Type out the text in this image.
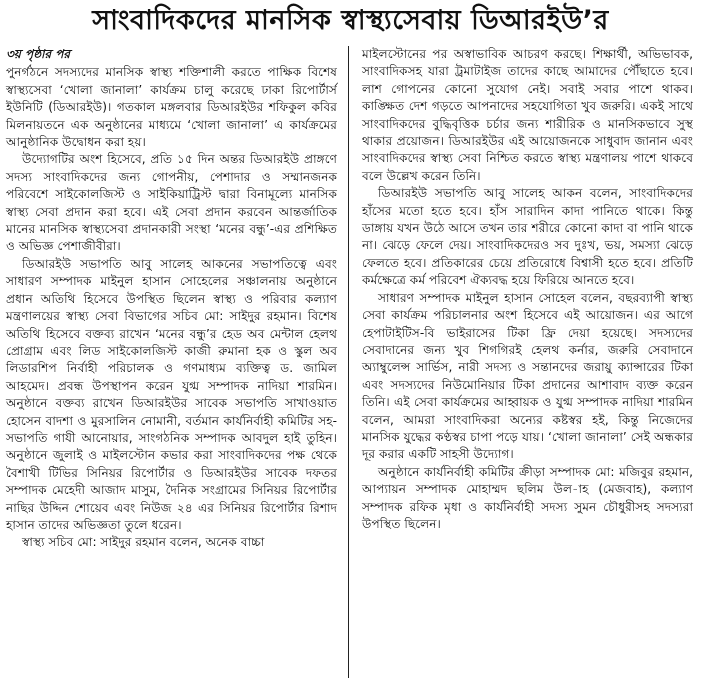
সাংবাদিকদের মানসিক স্বাস্থ্যসেবায় ডিআরইউ’র
৩য় পৃষ্ঠার পর

পুনর্গঠনে সদস্যদের মানসিক স্বাস্থ্য শক্তিশালী করতে পাক্ষিক বিশেষ স্বাস্থ্যসেবা ‘খোলা জানালা’ কার্যক্রম চালু করেছে ঢাকা রিপোর্টার্স ইউনিটি (ডিআরইউ)। গতকাল মঙ্গলবার ডিআরইউর শফিকুল কবির মিলনায়তনে এক অনুষ্ঠানের মাধ্যমে ‘খোলা জানালা’ এ কার্যক্রমের আনুষ্ঠানিক উদ্বোধন করা হয়।

উদ্যোগটির অংশ হিসেবে, প্রতি ১৫ দিন অন্তর ডিআরইউ প্রাঙ্গণে সদস্য সাংবাদিকদের জন্য গোপনীয়, পেশাদার ও সম্মানজনক পরিবেশে সাইকোলজিস্ট ও সাইকিয়াট্রিস্ট দ্বারা বিনামূল্যে মানসিক স্বাস্থ্য সেবা প্রদান করা হবে। এই সেবা প্রদান করবেন আন্তর্জাতিক মানের মানসিক স্বাস্থ্যসেবা প্রদানকারী সংস্থা ‘মনের বন্ধু’-এর প্রশিক্ষিত ও অভিজ্ঞ পেশাজীবীরা।

ডিআরইউ সভাপতি আবু সালেহ আকনের সভাপতিত্বে এবং সাধারণ সম্পাদক মাইনুল হাসান সোহেলের সঞ্চালনায় অনুষ্ঠানে প্রধান অতিথি হিসেবে উপস্থিত ছিলেন স্বাস্থ্য ও পরিবার কল্যাণ মন্ত্রণালয়ের স্বাস্থ্য সেবা বিভাগের সচিব মো: সাইদুর রহমান। বিশেষ অতিথি হিসেবে বক্তব্য রাখেন ‘মনের বন্ধু’র হেড অব মেন্টাল হেলথ প্রোগ্রাম এবং লিড সাইকোলজিস্ট কাজী রুমানা হক ও স্কুল অব লিডারশিপ নির্বাহী পরিচালক ও গণমাধ্যম ব্যক্তিত্ব ড. জামিল আহমেদ। প্রবন্ধ উপস্থাপন করেন যুগ্ম সম্পাদক নাদিয়া শারমিন। অনুষ্ঠানে বক্তব্য রাখেন ডিআরইউর সাবেক সভাপতি সাখাওয়াত হোসেন বাদশা ও মুরসালিন নোমানী, বর্তমান কার্যনির্বাহী কমিটির সহ-সভাপতি গাযী আনোয়ার, সাংগঠনিক সম্পাদক আবদুল হাই তুহিন। অনুষ্ঠানে জুলাই ও মাইলস্টোন কভার করা সাংবাদিকদের পক্ষ থেকে বৈশাখী টিভির সিনিয়র রিপোর্টার ও ডিআরইউর সাবেক দফতর সম্পাদক মেহেদী আজাদ মাসুম, দৈনিক সংগ্রামের সিনিয়র রিপোর্টার নাছির উদ্দিন শোয়েব এবং নিউজ ২৪ এর সিনিয়র রিপোর্টার রিশাদ হাসান তাদের অভিজ্ঞতা তুলে ধরেন।

স্বাস্থ্য সচিব মো: সাইদুর রহমান বলেন, অনেক বাচ্চা

মাইলস্টোনের পর অস্বাভাবিক আচরণ করছে। শিক্ষার্থী, অভিভাবক, সাংবাদিকসহ যারা ট্রমাটাইজ তাদের কাছে আমাদের পৌঁছাতে হবে। লাশ গোপনের কোনো সুযোগ নেই। সবাই সবার পাশে থাকব। কাঙ্ক্ষিত দেশ গড়তে আপনাদের সহযোগিতা খুব জরুরি। একই সাথে সাংবাদিকদের বুদ্ধিবৃত্তিক চর্চার জন্য শারীরিক ও মানসিকভাবে সুস্থ থাকার প্রয়োজন। ডিআরইউর এই আয়োজনকে সাধুবাদ জানান এবং সাংবাদিকদের স্বাস্থ্য সেবা নিশ্চিত করতে স্বাস্থ্য মন্ত্রণালয় পাশে থাকবে বলে উল্লেখ করেন তিনি।

ডিআরইউ সভাপতি আবু সালেহ আকন বলেন, সাংবাদিকদের হাঁসের মতো হতে হবে। হাঁস সারাদিন কাদা পানিতে থাকে। কিন্তু ডাঙ্গায় যখন উঠে আসে তখন তার শরীরে কোনো কাদা বা পানি থাকে না। ঝেড়ে ফেলে দেয়। সাংবাদিকদেরও সব দুঃখ, ভয়, সমস্যা ঝেড়ে ফেলতে হবে। প্রতিকারের চেয়ে প্রতিরোধে বিশ্বাসী হতে হবে। প্রতিটি কর্মক্ষেত্রে কর্ম পরিবেশ ঐক্যবদ্ধ হয়ে ফিরিয়ে আনতে হবে।

সাধারণ সম্পাদক মাইনুল হাসান সোহেল বলেন, বছরব্যাপী স্বাস্থ্য সেবা কার্যক্রম পরিচালনার অংশ হিসেবে এই আয়োজন। এর আগে হেপাটাইটিস-বি ভাইরাসের টিকা ফ্রি দেয়া হয়েছে। সদস্যদের সেবাদানের জন্য খুব শিগগিরই হেলথ কর্নার, জরুরি সেবাদানে অ্যাম্বুলেন্স সার্ভিস, নারী সদস্য ও সন্তানদের জরায়ু ক্যান্সারের টিকা এবং সদস্যদের নিউমোনিয়ার টিকা প্রদানের আশাবাদ ব্যক্ত করেন তিনি। এই সেবা কার্যক্রমের আহ্বায়ক ও যুগ্ম সম্পাদক নাদিয়া শারমিন বলেন, আমরা সাংবাদিকরা অন্যের কষ্টস্বর হই, কিন্তু নিজেদের মানসিক যুদ্ধের কণ্ঠস্বর চাপা পড়ে যায়। ‘খোলা জানালা’ সেই অন্ধকার দূর করার একটি সাহসী উদ্যোগ।

অনুষ্ঠানে কার্যনির্বাহী কমিটির ক্রীড়া সম্পাদক মো: মজিবুর রহমান, আপ্যায়ন সম্পাদক মোহাম্মদ ছলিম উল-াহ (মেজবাহ), কল্যাণ সম্পাদক রফিক মৃধা ও কার্যনির্বাহী সদস্য সুমন চৌধুরীসহ সদস্যরা উপস্থিত ছিলেন।
